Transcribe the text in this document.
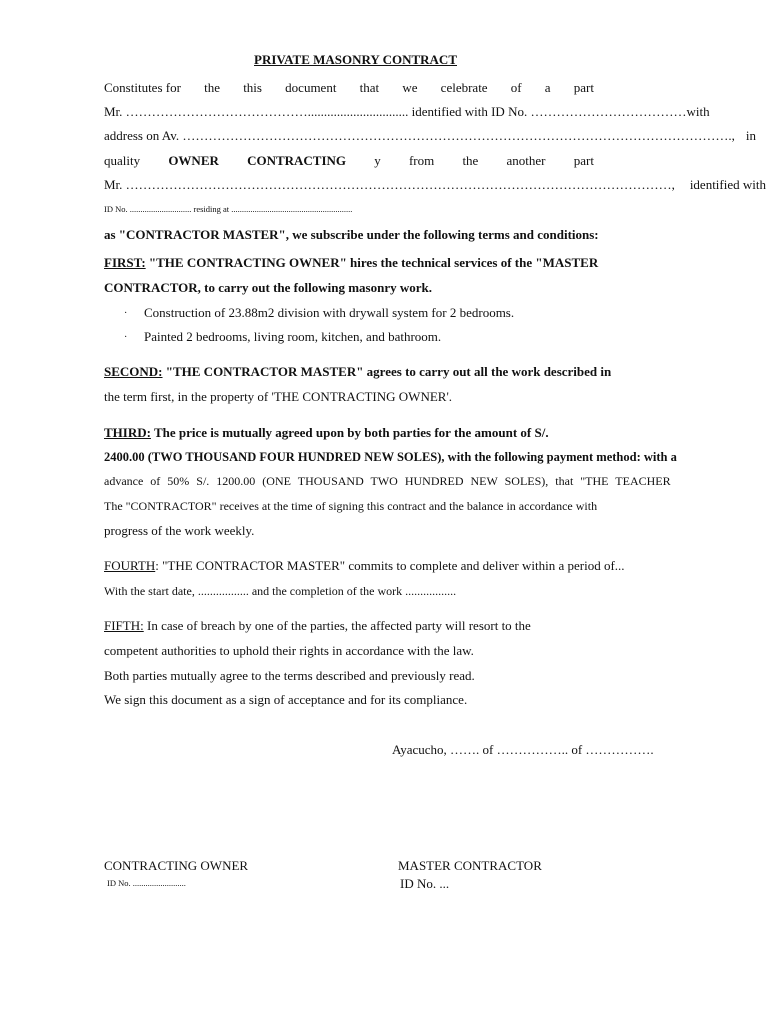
PRIVATE MASONRY CONTRACT
Constitutes for the this document that we celebrate of a part
Mr. ……………………………………............................... identified with ID No. ………………………………with
address on Av. ………………………………………………………………………………………………………………., in
quality OWNER CONTRACTING y from the another part
Mr. ………………………………………………………………………………………………………………, identified with
ID No. ............................. residing at .........................................................
as "CONTRACTOR MASTER", we subscribe under the following terms and conditions:
FIRST: "THE CONTRACTING OWNER" hires the technical services of the "MASTER
CONTRACTOR, to carry out the following masonry work.
· Construction of 23.88m2 division with drywall system for 2 bedrooms.
· Painted 2 bedrooms, living room, kitchen, and bathroom.
SECOND: "THE CONTRACTOR MASTER" agrees to carry out all the work described in
the term first, in the property of 'THE CONTRACTING OWNER'.
THIRD: The price is mutually agreed upon by both parties for the amount of S/.
2400.00 (TWO THOUSAND FOUR HUNDRED NEW SOLES), with the following payment method: with a
advance of 50% S/. 1200.00 (ONE THOUSAND TWO HUNDRED NEW SOLES), that "THE TEACHER
The "CONTRACTOR" receives at the time of signing this contract and the balance in accordance with
progress of the work weekly.
FOURTH: "THE CONTRACTOR MASTER" commits to complete and deliver within a period of...
With the start date, ................. and the completion of the work .................
FIFTH: In case of breach by one of the parties, the affected party will resort to the
competent authorities to uphold their rights in accordance with the law.
Both parties mutually agree to the terms described and previously read.
We sign this document as a sign of acceptance and for its compliance.
Ayacucho, ……. of …………….. of …………….
CONTRACTING OWNER
ID No. .........................
MASTER CONTRACTOR
ID No. ...
